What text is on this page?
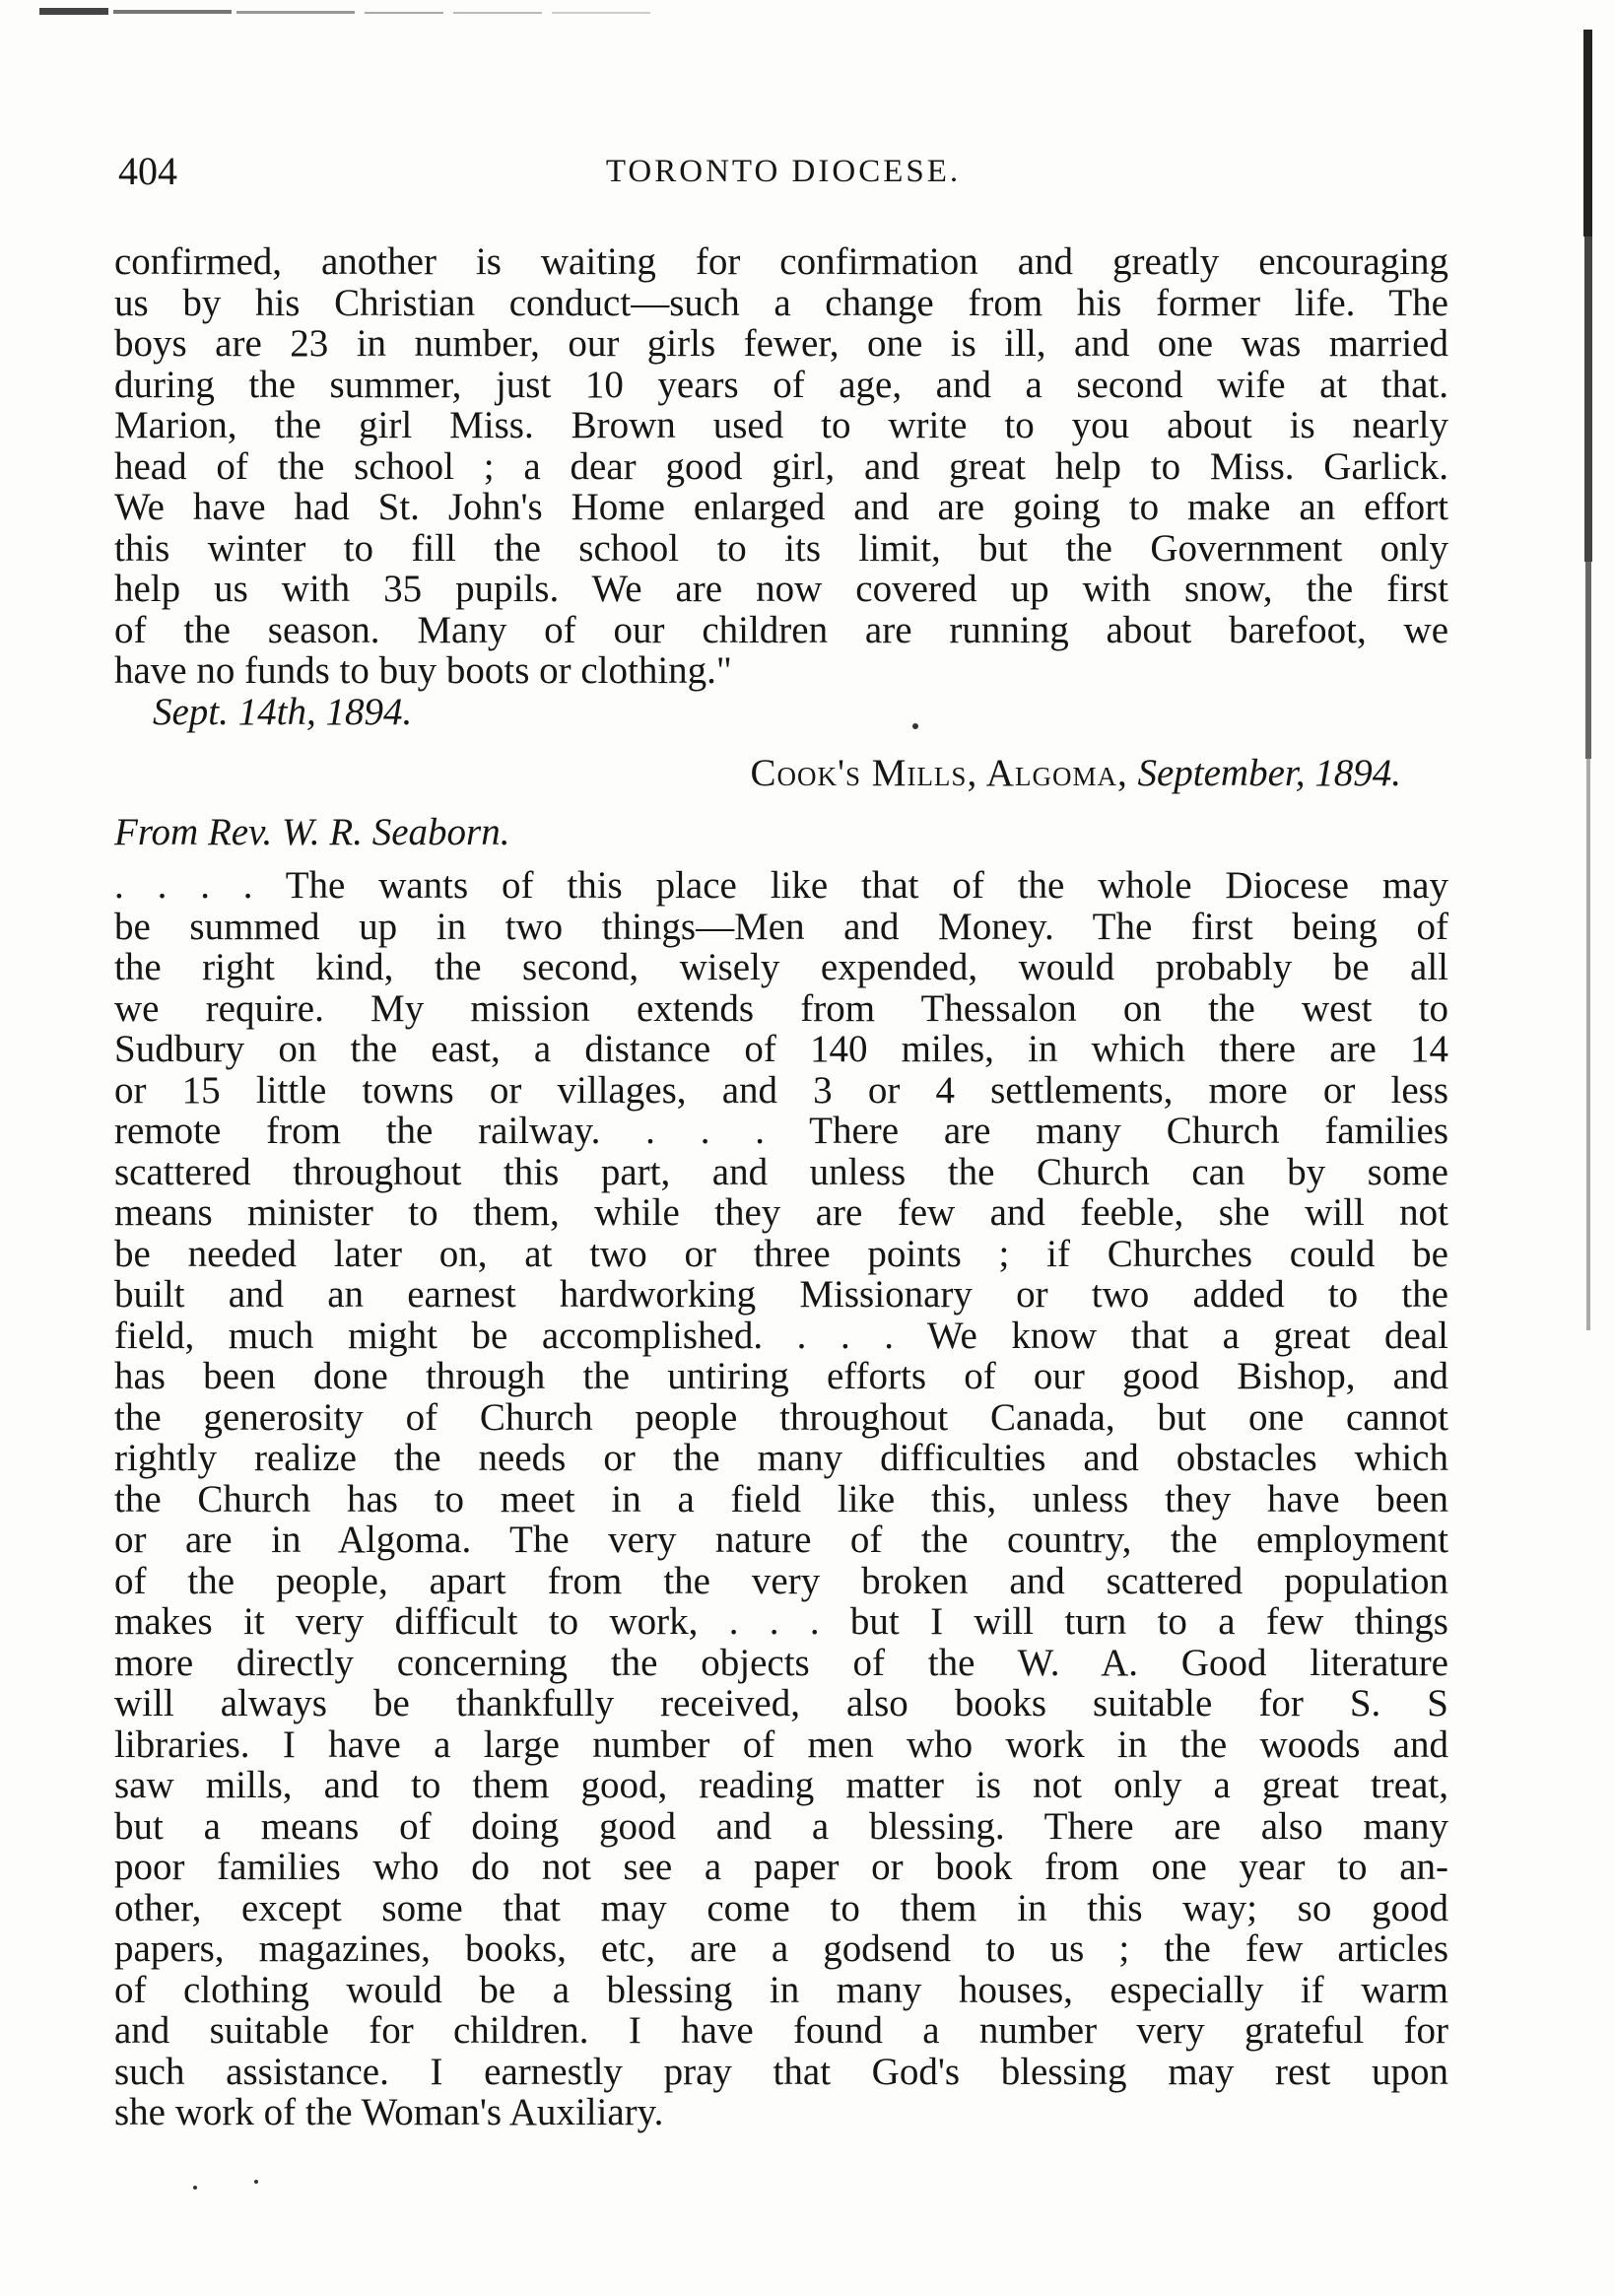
404	TORONTO DIOCESE.
confirmed, another is waiting for confirmation and greatly encouraging
us by his Christian conduct—such a change from his former life. The
boys are 23 in number, our girls fewer, one is ill, and one was married
during the summer, just 10 years of age, and a second wife at that.
Marion, the girl Miss. Brown used to write to you about is nearly
head of the school ; a dear good girl, and great help to Miss. Garlick.
We have had St. John's Home enlarged and are going to make an effort
this winter to fill the school to its limit, but the Government only
help us with 35 pupils. We are now covered up with snow, the first
of the season. Many of our children are running about barefoot, we
have no funds to buy boots or clothing."
Sept. 14th, 1894.
Cook's Mills, Algoma, September, 1894.
From Rev. W. R. Seaborn.
. . . . The wants of this place like that of the whole Diocese may
be summed up in two things—Men and Money. The first being of
the right kind, the second, wisely expended, would probably be all
we require. My mission extends from Thessalon on the west to
Sudbury on the east, a distance of 140 miles, in which there are 14
or 15 little towns or villages, and 3 or 4 settlements, more or less
remote from the railway. . . . There are many Church families
scattered throughout this part, and unless the Church can by some
means minister to them, while they are few and feeble, she will not
be needed later on, at two or three points ; if Churches could be
built and an earnest hardworking Missionary or two added to the
field, much might be accomplished. . . . We know that a great deal
has been done through the untiring efforts of our good Bishop, and
the generosity of Church people throughout Canada, but one cannot
rightly realize the needs or the many difficulties and obstacles which
the Church has to meet in a field like this, unless they have been
or are in Algoma. The very nature of the country, the employment
of the people, apart from the very broken and scattered population
makes it very difficult to work, . . . but I will turn to a few things
more directly concerning the objects of the W. A. Good literature
will always be thankfully received, also books suitable for S. S
libraries. I have a large number of men who work in the woods and
saw mills, and to them good, reading matter is not only a great treat,
but a means of doing good and a blessing. There are also many
poor families who do not see a paper or book from one year to an-
other, except some that may come to them in this way; so good
papers, magazines, books, etc, are a godsend to us ; the few articles
of clothing would be a blessing in many houses, especially if warm
and suitable for children. I have found a number very grateful for
such assistance. I earnestly pray that God's blessing may rest upon
she work of the Woman's Auxiliary.
